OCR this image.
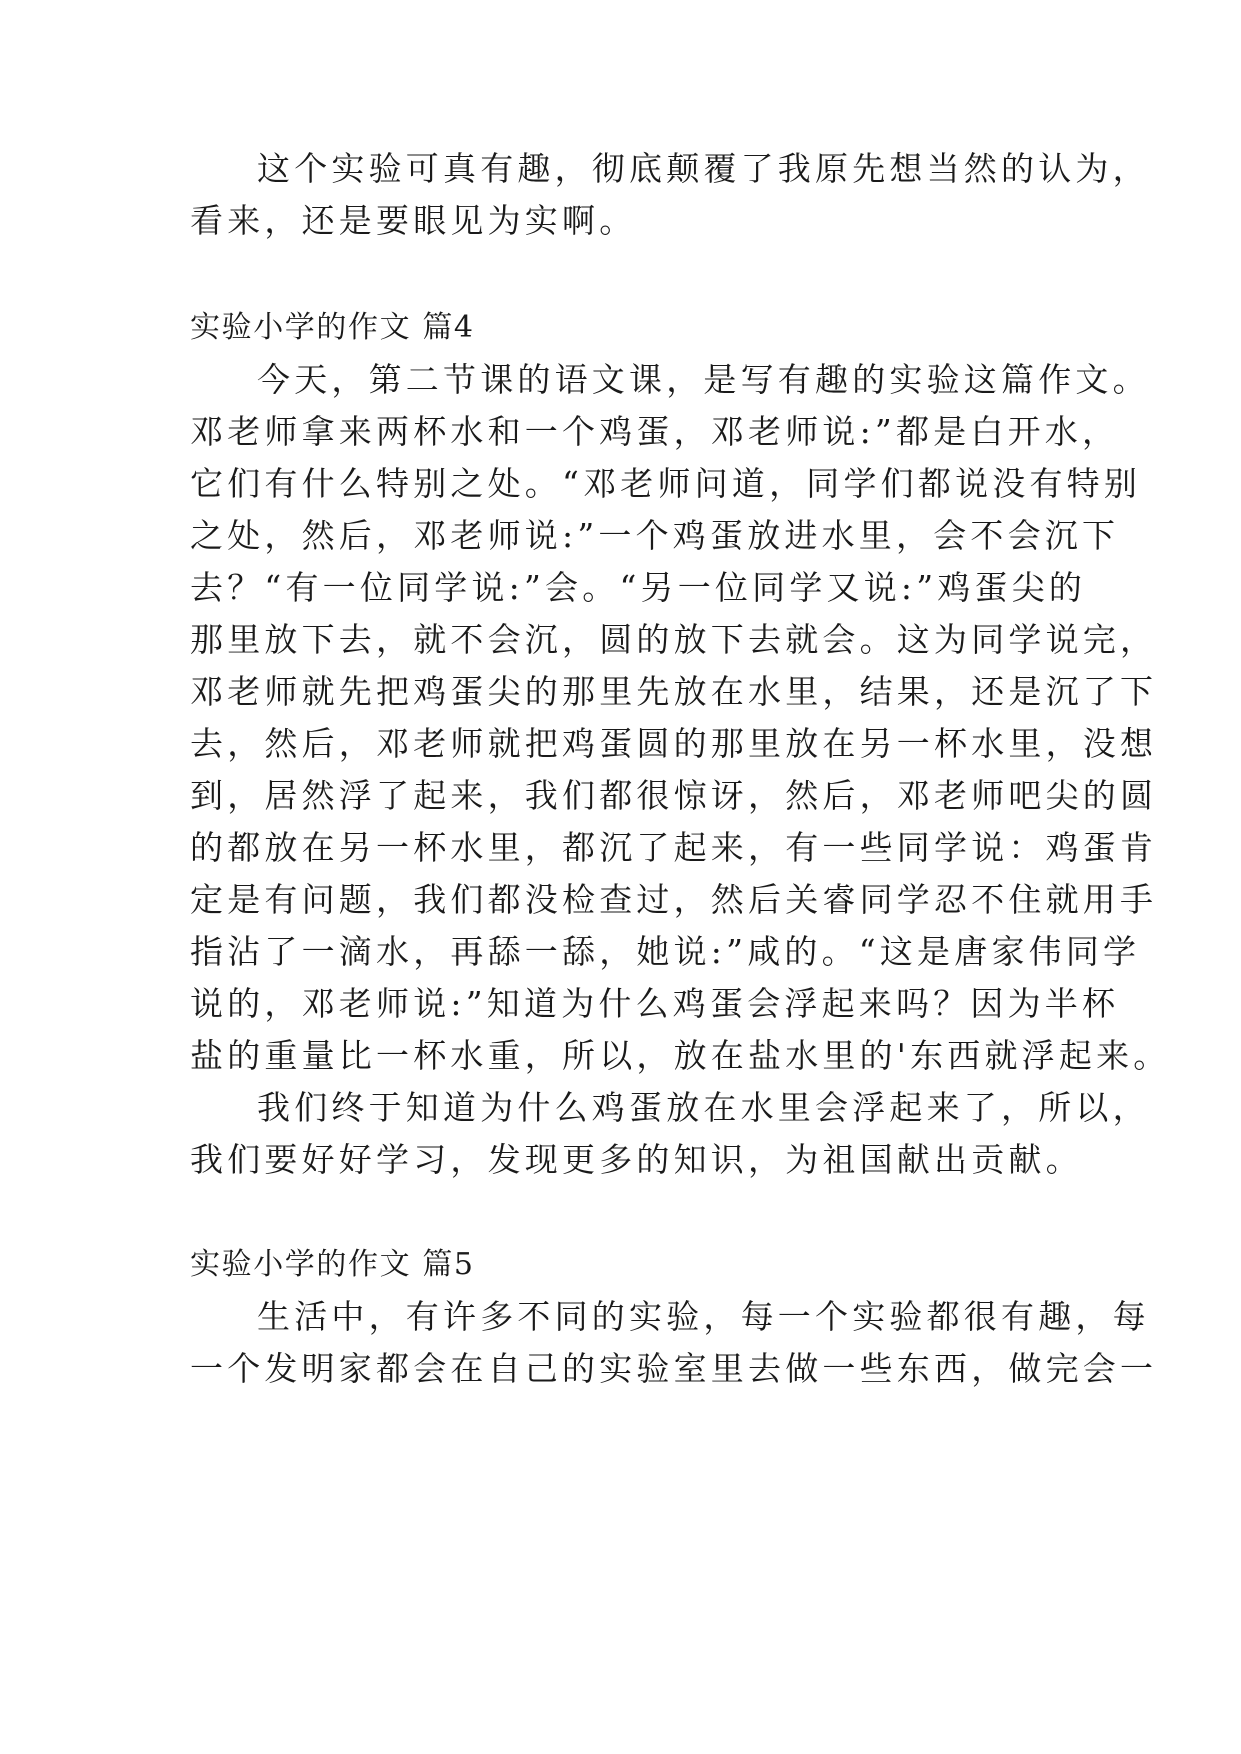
这个实验可真有趣，彻底颠覆了我原先想当然的认为，
看来，还是要眼见为实啊。
实验小学的作文 篇4
今天，第二节课的语文课，是写有趣的实验这篇作文。
邓老师拿来两杯水和一个鸡蛋，邓老师说:”都是白开水，
它们有什么特别之处。“邓老师问道，同学们都说没有特别
之处，然后，邓老师说:”一个鸡蛋放进水里，会不会沉下
去？“有一位同学说:”会。“另一位同学又说:”鸡蛋尖的
那里放下去，就不会沉，圆的放下去就会。这为同学说完，
邓老师就先把鸡蛋尖的那里先放在水里，结果，还是沉了下
去，然后，邓老师就把鸡蛋圆的那里放在另一杯水里，没想
到，居然浮了起来，我们都很惊讶，然后，邓老师吧尖的圆
的都放在另一杯水里，都沉了起来，有一些同学说：鸡蛋肯
定是有问题，我们都没检查过，然后关睿同学忍不住就用手
指沾了一滴水，再舔一舔，她说:”咸的。“这是唐家伟同学
说的，邓老师说:”知道为什么鸡蛋会浮起来吗？因为半杯
盐的重量比一杯水重，所以，放在盐水里的'东西就浮起来。
我们终于知道为什么鸡蛋放在水里会浮起来了，所以，
我们要好好学习，发现更多的知识，为祖国献出贡献。
实验小学的作文 篇5
生活中，有许多不同的实验，每一个实验都很有趣，每
一个发明家都会在自己的实验室里去做一些东西，做完会一
